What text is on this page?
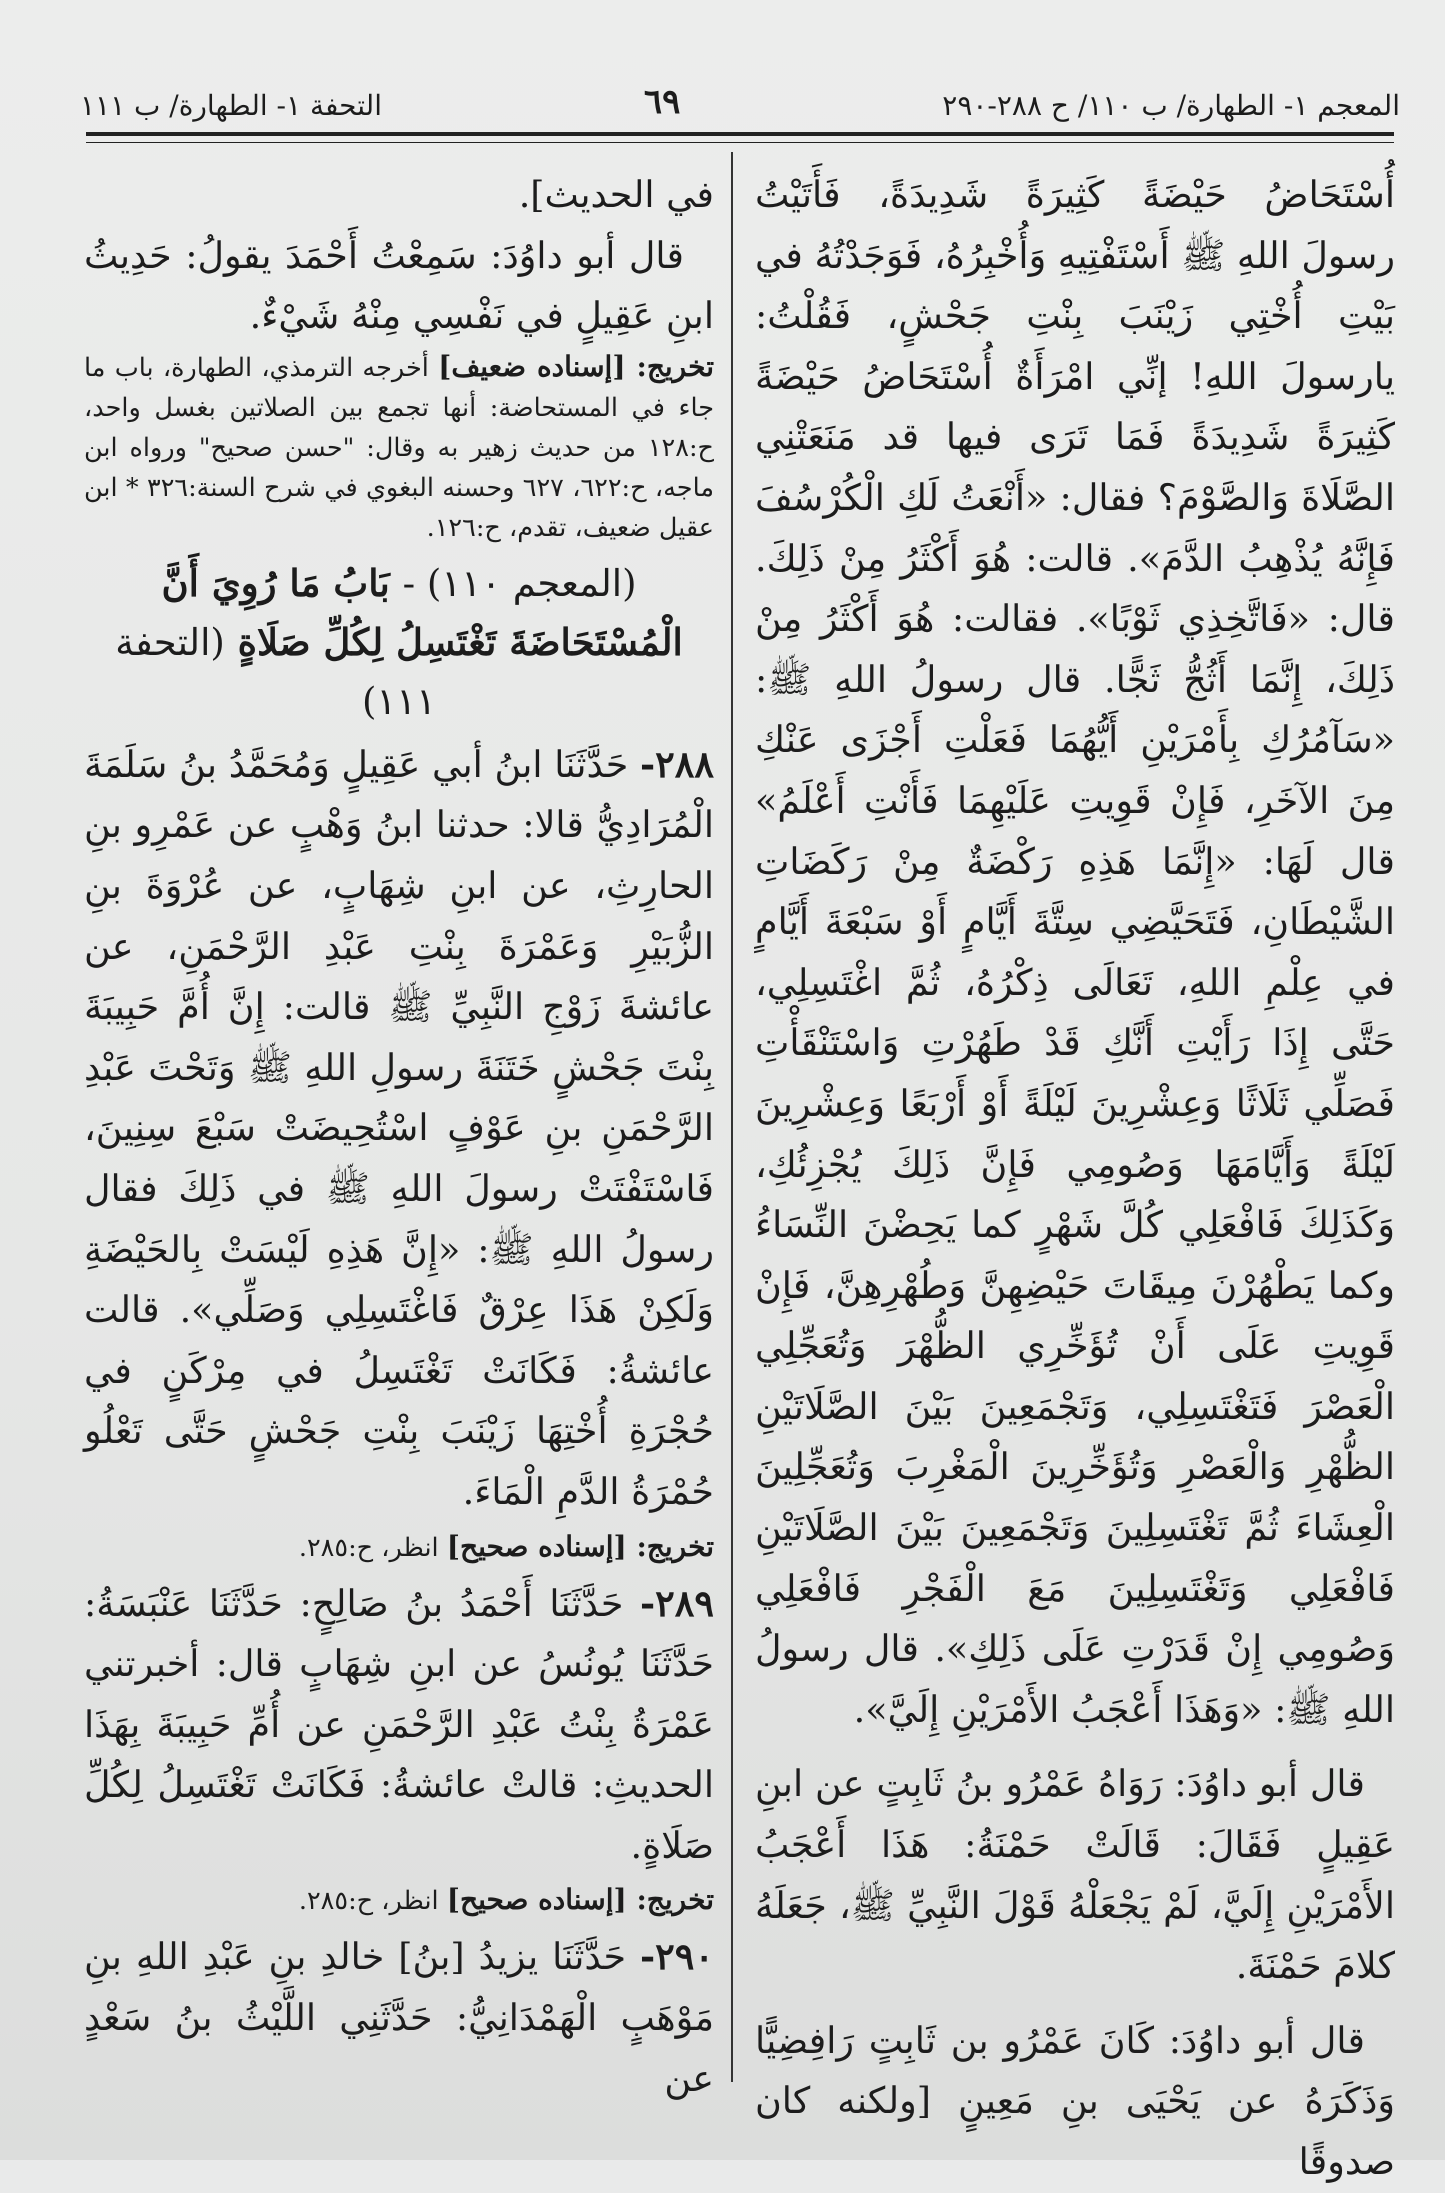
المعجم ١- الطهارة/ ب ١١٠/ ح ٢٨٨-٢٩٠
٦٩
التحفة ١- الطهارة/ ب ١١١

أُسْتَحَاضُ حَيْضَةً كَثِيرَةً شَدِيدَةً، فَأَتَيْتُ رسولَ اللهِ ﷺ أَسْتَفْتِيهِ وَأُخْبِرُهُ، فَوَجَدْتُهُ في بَيْتِ أُخْتِي زَيْنَبَ بِنْتِ جَحْشٍ، فَقُلْتُ: يارسولَ اللهِ! إنِّي امْرَأَةٌ أُسْتَحَاضُ حَيْضَةً كَثِيرَةً شَدِيدَةً فَمَا تَرَى فيها قد مَنَعَتْنِي الصَّلَاةَ وَالصَّوْمَ؟ فقال: «أَنْعَتُ لَكِ الْكُرْسُفَ فَإِنَّهُ يُذْهِبُ الدَّمَ». قالت: هُوَ أَكْثَرُ مِنْ ذَلِكَ. قال: «فَاتَّخِذِي ثَوْبًا». فقالت: هُوَ أَكْثَرُ مِنْ ذَلِكَ، إِنَّمَا أَثُجُّ ثَجًّا. قال رسولُ اللهِ ﷺ: «سَآمُرُكِ بِأَمْرَيْنِ أَيُّهُمَا فَعَلْتِ أَجْزَى عَنْكِ مِنَ الآخَرِ، فَإِنْ قَوِيتِ عَلَيْهِمَا فَأَنْتِ أَعْلَمُ» قال لَهَا: «إِنَّمَا هَذِهِ رَكْضَةٌ مِنْ رَكَضَاتِ الشَّيْطَانِ، فَتَحَيَّضِي سِتَّةَ أَيَّامٍ أَوْ سَبْعَةَ أَيَّامٍ في عِلْمِ اللهِ، تَعَالَى ذِكْرُهُ، ثُمَّ اغْتَسِلِي، حَتَّى إِذَا رَأَيْتِ أَنَّكِ قَدْ طَهُرْتِ وَاسْتَنْقَأْتِ فَصَلِّي ثَلَاثًا وَعِشْرِينَ لَيْلَةً أَوْ أَرْبَعًا وَعِشْرِينَ لَيْلَةً وَأَيَّامَهَا وَصُومِي فَإِنَّ ذَلِكَ يُجْزِئُكِ، وَكَذَلِكَ فَافْعَلِي كُلَّ شَهْرٍ كما يَحِضْنَ النِّسَاءُ وكما يَطْهُرْنَ مِيقَاتَ حَيْضِهِنَّ وَطُهْرِهِنَّ، فَإِنْ قَوِيتِ عَلَى أَنْ تُؤَخِّرِي الظُّهْرَ وَتُعَجِّلِي الْعَصْرَ فَتَغْتَسِلِي، وَتَجْمَعِينَ بَيْنَ الصَّلَاتَيْنِ الظُّهْرِ وَالْعَصْرِ وَتُؤَخِّرِينَ الْمَغْرِبَ وَتُعَجِّلِينَ الْعِشَاءَ ثُمَّ تَغْتَسِلِينَ وَتَجْمَعِينَ بَيْنَ الصَّلَاتَيْنِ فَافْعَلِي وَتَغْتَسِلِينَ مَعَ الْفَجْرِ فَافْعَلِي وَصُومِي إِنْ قَدَرْتِ عَلَى ذَلِكِ». قال رسولُ اللهِ ﷺ: «وَهَذَا أَعْجَبُ الأَمْرَيْنِ إِلَيَّ».

قال أبو داوُدَ: رَوَاهُ عَمْرُو بنُ ثَابِتٍ عن ابنِ عَقِيلٍ فَقَالَ: قَالَتْ حَمْنَةُ: هَذَا أَعْجَبُ الأَمْرَيْنِ إِلَيَّ، لَمْ يَجْعَلْهُ قَوْلَ النَّبِيِّ ﷺ، جَعَلَهُ كلامَ حَمْنَةَ.

قال أبو داوُدَ: كَانَ عَمْرُو بن ثَابِتٍ رَافِضِيًّا وَذَكَرَهُ عن يَحْيَى بنِ مَعِينٍ [ولكنه كان صدوقًا

في الحديث].

قال أبو داوُدَ: سَمِعْتُ أَحْمَدَ يقولُ: حَدِيثُ ابنِ عَقِيلٍ في نَفْسِي مِنْهُ شَيْءٌ.

تخريج: [إسناده ضعيف] أخرجه الترمذي، الطهارة، باب ما جاء في المستحاضة: أنها تجمع بين الصلاتين بغسل واحد، ح:١٢٨ من حديث زهير به وقال: "حسن صحيح" ورواه ابن ماجه، ح:٦٢٢، ٦٢٧ وحسنه البغوي في شرح السنة:٣٢٦ * ابن عقيل ضعيف، تقدم، ح:١٢٦.

(المعجم ١١٠) - بَابُ مَا رُوِيَ أَنَّ الْمُسْتَحَاضَةَ تَغْتَسِلُ لِكُلِّ صَلَاةٍ (التحفة ١١١)

٢٨٨- حَدَّثَنَا ابنُ أبي عَقِيلٍ وَمُحَمَّدُ بنُ سَلَمَةَ الْمُرَادِيُّ قالا: حدثنا ابنُ وَهْبٍ عن عَمْرِو بنِ الحارِثِ، عن ابنِ شِهَابٍ، عن عُرْوَةَ بنِ الزُّبَيْرِ وَعَمْرَةَ بِنْتِ عَبْدِ الرَّحْمَنِ، عن عائشةَ زَوْجِ النَّبِيِّ ﷺ قالت: إِنَّ أُمَّ حَبِيبَةَ بِنْتَ جَحْشٍ خَتَنَةَ رسولِ اللهِ ﷺ وَتَحْتَ عَبْدِ الرَّحْمَنِ بنِ عَوْفٍ اسْتُحِيضَتْ سَبْعَ سِنِينَ، فَاسْتَفْتَتْ رسولَ اللهِ ﷺ في ذَلِكَ فقال رسولُ اللهِ ﷺ: «إِنَّ هَذِهِ لَيْسَتْ بِالحَيْضَةِ وَلَكِنْ هَذَا عِرْقٌ فَاغْتَسِلِي وَصَلِّي». قالت عائشةُ: فَكَانَتْ تَغْتَسِلُ في مِرْكَنٍ في حُجْرَةِ أُخْتِهَا زَيْنَبَ بِنْتِ جَحْشٍ حَتَّى تَعْلُو حُمْرَةُ الدَّمِ الْمَاءَ.

تخريج: [إسناده صحيح] انظر، ح:٢٨٥.

٢٨٩- حَدَّثَنَا أَحْمَدُ بنُ صَالِحٍ: حَدَّثَنَا عَنْبَسَةُ: حَدَّثَنَا يُونُسُ عن ابنِ شِهَابٍ قال: أخبرتني عَمْرَةُ بِنْتُ عَبْدِ الرَّحْمَنِ عن أُمِّ حَبِيبَةَ بِهَذَا الحديثِ: قالتْ عائشةُ: فَكَانَتْ تَغْتَسِلُ لِكُلِّ صَلَاةٍ.

تخريج: [إسناده صحيح] انظر، ح:٢٨٥.

٢٩٠- حَدَّثَنَا يزيدُ [بنُ] خالدِ بنِ عَبْدِ اللهِ بنِ مَوْهَبٍ الْهَمْدَانِيُّ: حَدَّثَنِي اللَّيْثُ بنُ سَعْدٍ عن
